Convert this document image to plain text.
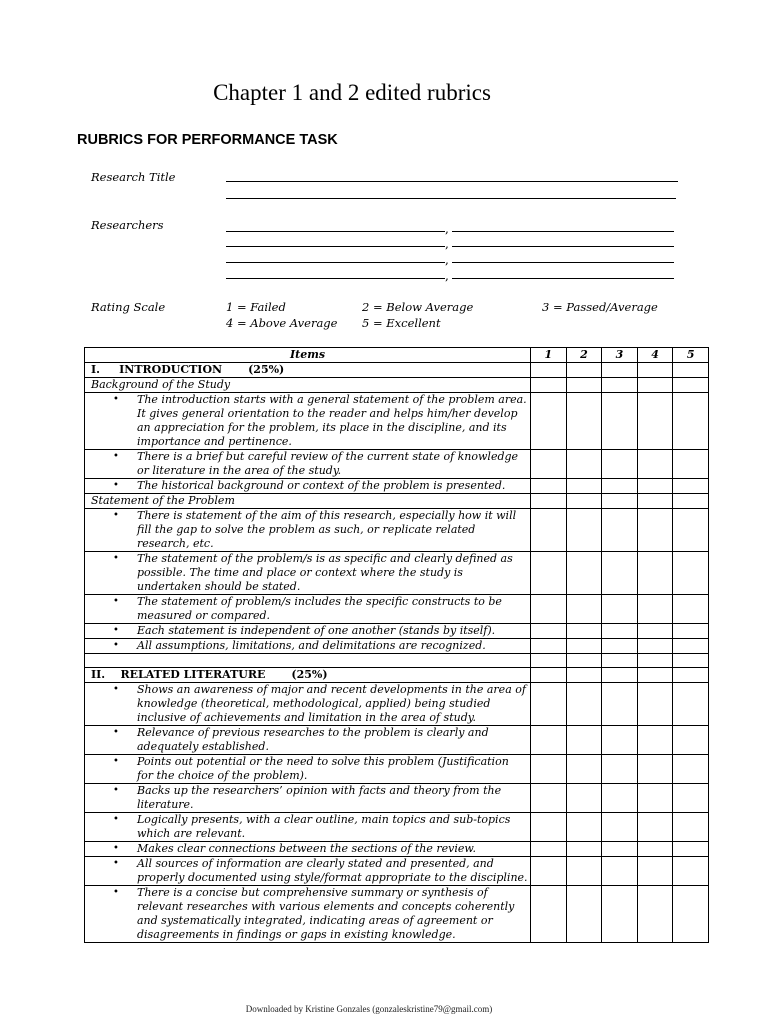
Chapter 1 and 2 edited rubrics
RUBRICS FOR PERFORMANCE TASK
Research Title
Researchers	,
,
,
,
Rating Scale	1 = Failed	2 = Below Average	3 = Passed/Average
4 = Above Average 5 = Excellent
Items	1	2	3	4	5
I.     INTRODUCTION (25%)					
Background of the Study					

• The introduction starts with a general statement of the problem area. It gives general orientation to the reader and helps him/her develop an appreciation for the problem, its place in the discipline, and its importance and pertinence.					

• There is a brief but careful review of the current state of knowledge or literature in the area of the study.					

• The historical background or context of the problem is presented.					
Statement of the Problem					

• There is statement of the aim of this research, especially how it will fill the gap to solve the problem as such, or replicate related research, etc.					

• The statement of the problem/s is as specific and clearly defined as possible. The time and place or context where the study is undertaken should be stated.					

• The statement of problem/s includes the specific constructs to be measured or compared.					

• Each statement is independent of one another (stands by itself).					

• All assumptions, limitations, and delimitations are recognized.					

II.    RELATED LITERATURE (25%)					

• Shows an awareness of major and recent developments in the area of knowledge (theoretical, methodological, applied) being studied inclusive of achievements and limitation in the area of study.					

• Relevance of previous researches to the problem is clearly and adequately established.					

• Points out potential or the need to solve this problem (Justification for the choice of the problem).					

• Backs up the researchers’ opinion with facts and theory from the literature.					

• Logically presents, with a clear outline, main topics and sub-topics which are relevant.					

• Makes clear connections between the sections of the review.					

• All sources of information are clearly stated and presented, and properly documented using style/format appropriate to the discipline.					

• There is a concise but comprehensive summary or synthesis of relevant researches with various elements and concepts coherently and systematically integrated, indicating areas of agreement or disagreements in findings or gaps in existing knowledge.					
Downloaded by Kristine Gonzales (gonzaleskristine79@gmail.com)
